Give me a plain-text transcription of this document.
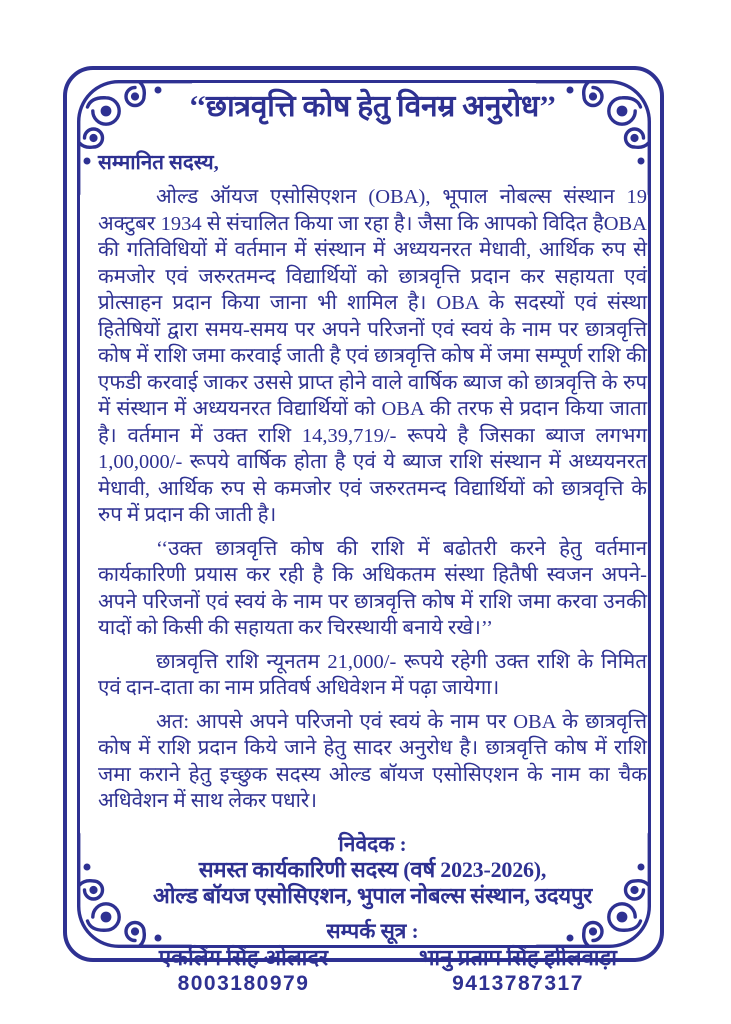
‘‘छात्रवृत्ति कोष हेतु विनम्र अनुरोध’’

सम्मानित सदस्य,

ओल्ड ऑयज एसोसिएशन (OBA), भूपाल नोबल्स संस्थान 19 अक्टुबर 1934 से संचालित किया जा रहा है। जैसा कि आपको विदित हैOBA की गतिविधियों में वर्तमान में संस्थान में अध्ययनरत मेधावी, आर्थिक रुप से कमजोर एवं जरुरतमन्द विद्यार्थियों को छात्रवृत्ति प्रदान कर सहायता एवं प्रोत्साहन प्रदान किया जाना भी शामिल है। OBA के सदस्यों एवं संस्था हितेषियों द्वारा समय-समय पर अपने परिजनों एवं स्वयं के नाम पर छात्रवृत्ति कोष में राशि जमा करवाई जाती है एवं छात्रवृत्ति कोष में जमा सम्पूर्ण राशि की एफडी करवाई जाकर उससे प्राप्त होने वाले वार्षिक ब्याज को छात्रवृत्ति के रुप में संस्थान में अध्ययनरत विद्यार्थियों को OBA की तरफ से प्रदान किया जाता है। वर्तमान में उक्त राशि 14,39,719/- रूपये है जिसका ब्याज लगभग 1,00,000/- रूपये वार्षिक होता है एवं ये ब्याज राशि संस्थान में अध्ययनरत मेधावी, आर्थिक रुप से कमजोर एवं जरुरतमन्द विद्यार्थियों को छात्रवृत्ति के रुप में प्रदान की जाती है।

‘‘उक्त छात्रवृत्ति कोष की राशि में बढोतरी करने हेतु वर्तमान कार्यकारिणी प्रयास कर रही है कि अधिकतम संस्था हितैषी स्वजन अपने-अपने परिजनों एवं स्वयं के नाम पर छात्रवृत्ति कोष में राशि जमा करवा उनकी यादों को किसी की सहायता कर चिरस्थायी बनाये रखे।’’

छात्रवृत्ति राशि न्यूनतम 21,000/- रूपये रहेगी उक्त राशि के निमित एवं दान-दाता का नाम प्रतिवर्ष अधिवेशन में पढ़ा जायेगा।

अत: आपसे अपने परिजनो एवं स्वयं के नाम पर OBA के छात्रवृत्ति कोष में राशि प्रदान किये जाने हेतु सादर अनुरोध है। छात्रवृत्ति कोष में राशि जमा कराने हेतु इच्छुक सदस्य ओल्ड बॉयज एसोसिएशन के नाम का चैक अधिवेशन में साथ लेकर पधारे।

निवेदक :
समस्त कार्यकारिणी सदस्य (वर्ष 2023-2026),
ओल्ड बॉयज एसोसिएशन, भुपाल नोबल्स संस्थान, उदयपुर
सम्पर्क सूत्र :
एकलिंग सिंह ओलादर
8003180979
भानु प्रताप सिंह झीलवाड़ा
9413787317
